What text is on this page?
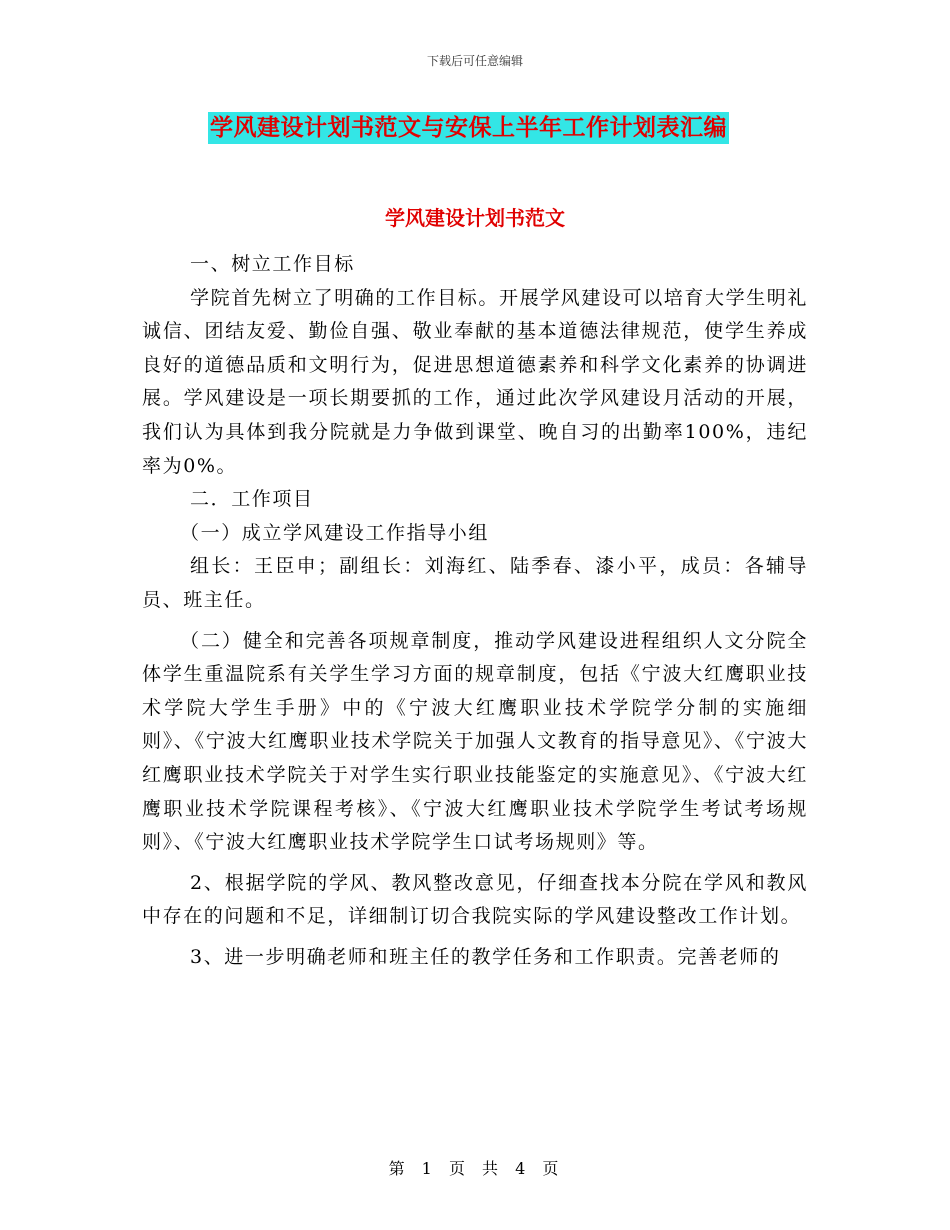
下载后可任意编辑
学风建设计划书范文与安保上半年工作计划表汇编
学风建设计划书范文

一、树立工作目标

学院首先树立了明确的工作目标。开展学风建设可以培育大学生明礼诚信、团结友爱、勤俭自强、敬业奉献的基本道德法律规范，使学生养成良好的道德品质和文明行为，促进思想道德素养和科学文化素养的协调进展。学风建设是一项长期要抓的工作，通过此次学风建设月活动的开展，我们认为具体到我分院就是力争做到课堂、晚自习的出勤率100%，违纪率为0%。

二．工作项目

（一）成立学风建设工作指导小组

组长：王臣申；副组长：刘海红、陆季春、漆小平，成员：各辅导员、班主任。

（二）健全和完善各项规章制度，推动学风建设进程组织人文分院全体学生重温院系有关学生学习方面的规章制度，包括《宁波大红鹰职业技术学院大学生手册》中的《宁波大红鹰职业技术学院学分制的实施细则》、《宁波大红鹰职业技术学院关于加强人文教育的指导意见》、《宁波大红鹰职业技术学院关于对学生实行职业技能鉴定的实施意见》、《宁波大红鹰职业技术学院课程考核》、《宁波大红鹰职业技术学院学生考试考场规则》、《宁波大红鹰职业技术学院学生口试考场规则》等。

2、根据学院的学风、教风整改意见，仔细查找本分院在学风和教风中存在的问题和不足，详细制订切合我院实际的学风建设整改工作计划。

3、进一步明确老师和班主任的教学任务和工作职责。完善老师的

第 1 页 共 4 页
